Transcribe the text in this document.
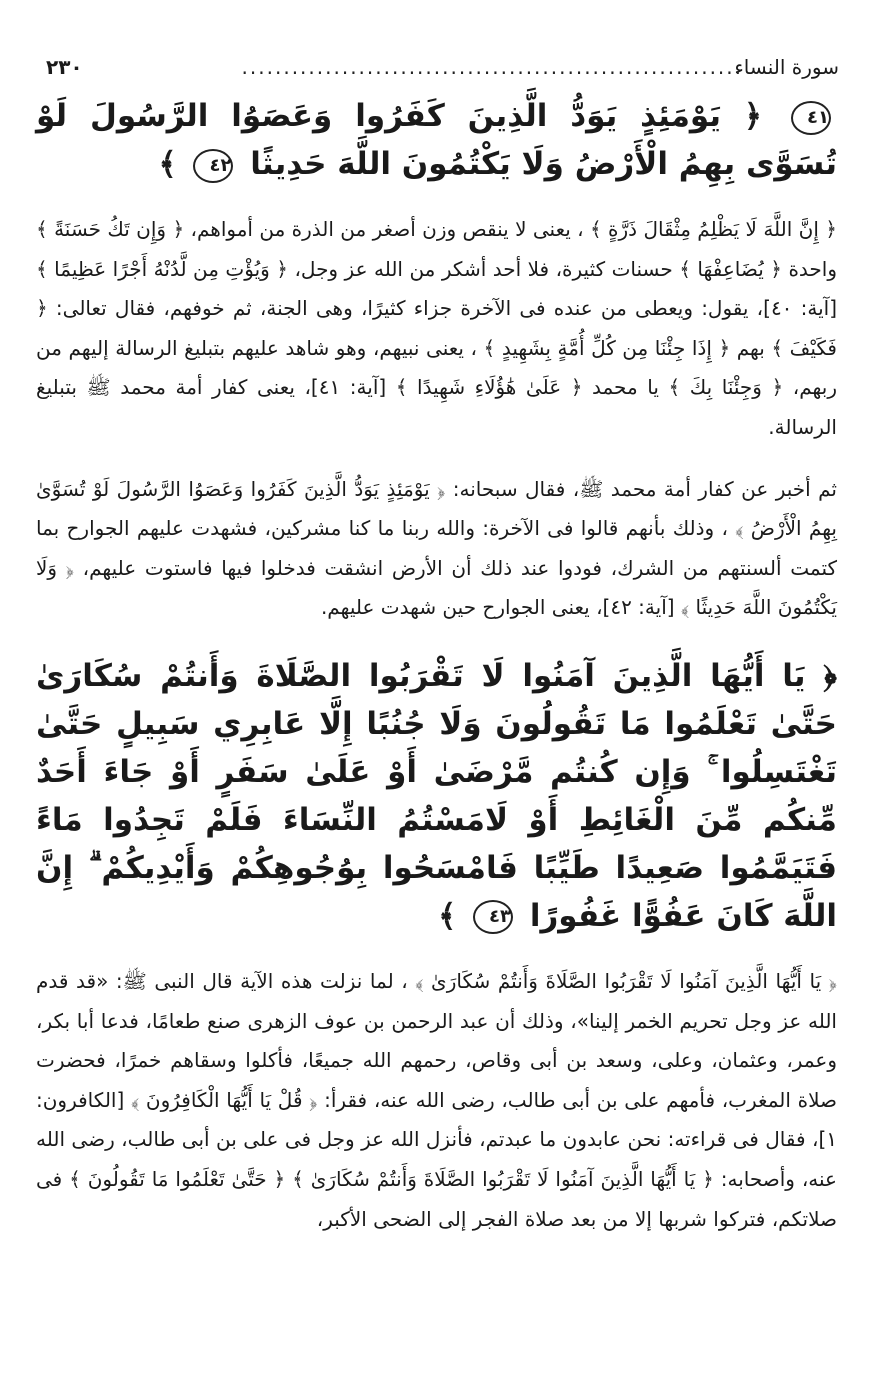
سورة النساء
............................................................
٢٣٠

٤١ ﴿ يَوْمَئِذٍ يَوَدُّ الَّذِينَ كَفَرُوا وَعَصَوُا الرَّسُولَ لَوْ تُسَوَّى بِهِمُ الْأَرْضُ وَلَا يَكْتُمُونَ اللَّهَ حَدِيثًا ٤٢ ﴾

﴿ إِنَّ اللَّهَ لَا يَظْلِمُ مِثْقَالَ ذَرَّةٍ ﴾ ، يعنى لا ينقص وزن أصغر من الذرة من أمواهم، ﴿ وَإِن تَكُ حَسَنَةً ﴾ واحدة ﴿ يُضَاعِفْهَا ﴾ حسنات كثيرة، فلا أحد أشكر من الله عز وجل، ﴿ وَيُؤْتِ مِن لَّدُنْهُ أَجْرًا عَظِيمًا ﴾ [آية: ٤٠]، يقول: ويعطى من عنده فى الآخرة جزاء كثيرًا، وهى الجنة، ثم خوفهم، فقال تعالى: ﴿ فَكَيْفَ ﴾ بهم ﴿ إِذَا جِئْنَا مِن كُلِّ أُمَّةٍ بِشَهِيدٍ ﴾ ، يعنى نبيهم، وهو شاهد عليهم بتبليغ الرسالة إليهم من ربهم، ﴿ وَجِئْنَا بِكَ ﴾ يا محمد ﴿ عَلَىٰ هَٰؤُلَاءِ شَهِيدًا ﴾ [آية: ٤١]، يعنى كفار أمة محمد ﷺ بتبليغ الرسالة.

ثم أخبر عن كفار أمة محمد ﷺ، فقال سبحانه: ﴿ يَوْمَئِذٍ يَوَدُّ الَّذِينَ كَفَرُوا وَعَصَوُا الرَّسُولَ لَوْ تُسَوَّىٰ بِهِمُ الْأَرْضُ ﴾ ، وذلك بأنهم قالوا فى الآخرة: والله ربنا ما كنا مشركين، فشهدت عليهم الجوارح بما كتمت ألسنتهم من الشرك، فودوا عند ذلك أن الأرض انشقت فدخلوا فيها فاستوت عليهم، ﴿ وَلَا يَكْتُمُونَ اللَّهَ حَدِيثًا ﴾ [آية: ٤٢]، يعنى الجوارح حين شهدت عليهم.

﴿ يَا أَيُّهَا الَّذِينَ آمَنُوا لَا تَقْرَبُوا الصَّلَاةَ وَأَنتُمْ سُكَارَىٰ حَتَّىٰ تَعْلَمُوا مَا تَقُولُونَ وَلَا جُنُبًا إِلَّا عَابِرِي سَبِيلٍ حَتَّىٰ تَغْتَسِلُوا ۚ وَإِن كُنتُم مَّرْضَىٰ أَوْ عَلَىٰ سَفَرٍ أَوْ جَاءَ أَحَدٌ مِّنكُم مِّنَ الْغَائِطِ أَوْ لَامَسْتُمُ النِّسَاءَ فَلَمْ تَجِدُوا مَاءً فَتَيَمَّمُوا صَعِيدًا طَيِّبًا فَامْسَحُوا بِوُجُوهِكُمْ وَأَيْدِيكُمْ ۗ إِنَّ اللَّهَ كَانَ عَفُوًّا غَفُورًا ٤٣ ﴾

﴿ يَا أَيُّهَا الَّذِينَ آمَنُوا لَا تَقْرَبُوا الصَّلَاةَ وَأَنتُمْ سُكَارَىٰ ﴾ ، لما نزلت هذه الآية قال النبى ﷺ: «قد قدم الله عز وجل تحريم الخمر إلينا»، وذلك أن عبد الرحمن بن عوف الزهرى صنع طعامًا، فدعا أبا بكر، وعمر، وعثمان، وعلى، وسعد بن أبى وقاص، رحمهم الله جميعًا، فأكلوا وسقاهم خمرًا، فحضرت صلاة المغرب، فأمهم على بن أبى طالب، رضى الله عنه، فقرأ: ﴿ قُلْ يَا أَيُّهَا الْكَافِرُونَ ﴾ [الكافرون: ١]، فقال فى قراءته: نحن عابدون ما عبدتم، فأنزل الله عز وجل فى على بن أبى طالب، رضى الله عنه، وأصحابه: ﴿ يَا أَيُّهَا الَّذِينَ آمَنُوا لَا تَقْرَبُوا الصَّلَاةَ وَأَنتُمْ سُكَارَىٰ ﴾ ﴿ حَتَّىٰ تَعْلَمُوا مَا تَقُولُونَ ﴾ فى صلاتكم، فتركوا شربها إلا من بعد صلاة الفجر إلى الضحى الأكبر،
